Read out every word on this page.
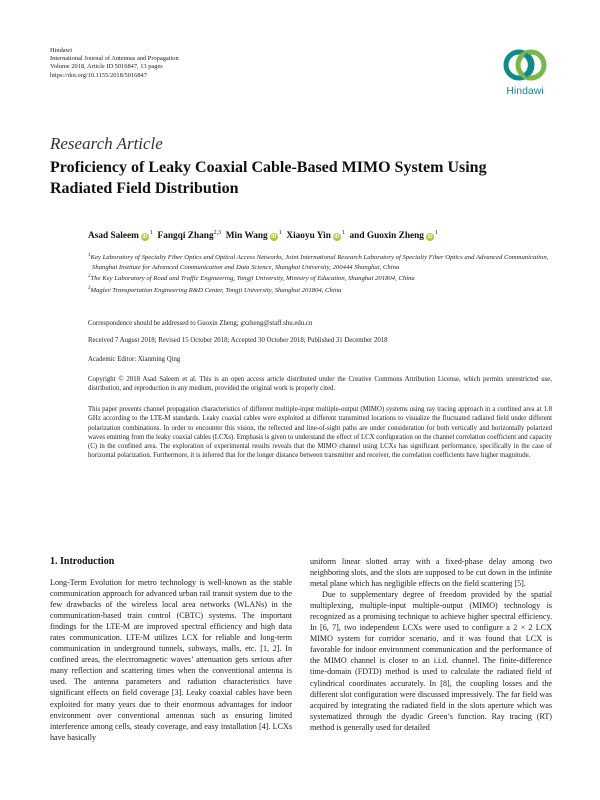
Hindawi
International Journal of Antennas and Propagation
Volume 2018, Article ID 5016847, 13 pages
https://doi.org/10.1155/2018/5016847
Hindawi
Research Article
Proficiency of Leaky Coaxial Cable-Based MIMO System Using Radiated Field Distribution
Asad Saleem $iD^1$ Fangqi Zhang$^{2,3}$ Min Wang $iD^1$ Xiaoyu Yin $iD^1$ and Guoxin Zheng $iD^1$

$^1$Key Laboratory of Specialty Fiber Optics and Optical Access Networks, Joint International Research Laboratory of Specialty Fiber Optics and Advanced Communication, Shanghai Institute for Advanced Communication and Data Science, Shanghai University, 200444 Shanghai, China

$^2$The Key Laboratory of Road and Traffic Engineering, Tongji University, Ministry of Education, Shanghai 201804, China

$^3$Maglev Transportation Engineering R&D Center, Tongji University, Shanghai 201804, China

Correspondence should be addressed to Guoxin Zheng; gxzheng@staff.shu.edu.cn
Received 7 August 2018; Revised 15 October 2018; Accepted 30 October 2018; Published 31 December 2018
Academic Editor: Xianming Qing
Copyright © 2018 Asad Saleem et al. This is an open access article distributed under the Creative Commons Attribution License, which permits unrestricted use, distribution, and reproduction in any medium, provided the original work is properly cited.
This paper presents channel propagation characteristics of different multiple-input multiple-output (MIMO) systems using ray tracing approach in a confined area at 1.8 GHz according to the LTE-M standards. Leaky coaxial cables were exploited at different transmitted locations to visualize the fluctuated radiated field under different polarization combinations. In order to encounter this vision, the reflected and line-of-sight paths are under consideration for both vertically and horizontally polarized waves emitting from the leaky coaxial cables (LCXs). Emphasis is given to understand the effect of LCX configuration on the channel correlation coefficient and capacity (C) in the confined area. The exploration of experimental results reveals that the MIMO channel using LCXs has significant performance, specifically in the case of horizontal polarization. Furthermore, it is inferred that for the longer distance between transmitter and receiver, the correlation coefficients have higher magnitude.
1. Introduction

Long-Term Evolution for metro technology is well-known as the stable communication approach for advanced urban rail transit system due to the few drawbacks of the wireless local area networks (WLANs) in the communication-based train control (CBTC) systems. The important findings for the LTE-M are improved spectral efficiency and high data rates communication. LTE-M utilizes LCX for reliable and long-term communication in underground tunnels, subways, malls, etc. [1, 2]. In confined areas, the electromagnetic waves’ attenuation gets serious after many reflection and scattering times when the conventional antenna is used. The antenna parameters and radiation characteristics have significant effects on field coverage [3]. Leaky coaxial cables have been exploited for many years due to their enormous advantages for indoor environment over conventional antennas such as ensuring limited interference among cells, steady coverage, and easy installation [4]. LCXs have basically

uniform linear slotted array with a fixed-phase delay among two neighboring slots, and the slots are supposed to be cut down in the infinite metal plane which has negligible effects on the field scattering [5].

Due to supplementary degree of freedom provided by the spatial multiplexing, multiple-input multiple-output (MIMO) technology is recognized as a promising technique to achieve higher spectral efficiency. In [6, 7], two independent LCXs were used to configure a 2 × 2 LCX MIMO system for corridor scenario, and it was found that LCX is favorable for indoor environment communication and the performance of the MIMO channel is closer to an i.i.d. channel. The finite-difference time-domain (FDTD) method is used to calculate the radiated field of cylindrical coordinates accurately. In [8], the coupling losses and the different slot configuration were discussed impressively. The far field was acquired by integrating the radiated field in the slots aperture which was systematized through the dyadic Green’s function. Ray tracing (RT) method is generally used for detailed
